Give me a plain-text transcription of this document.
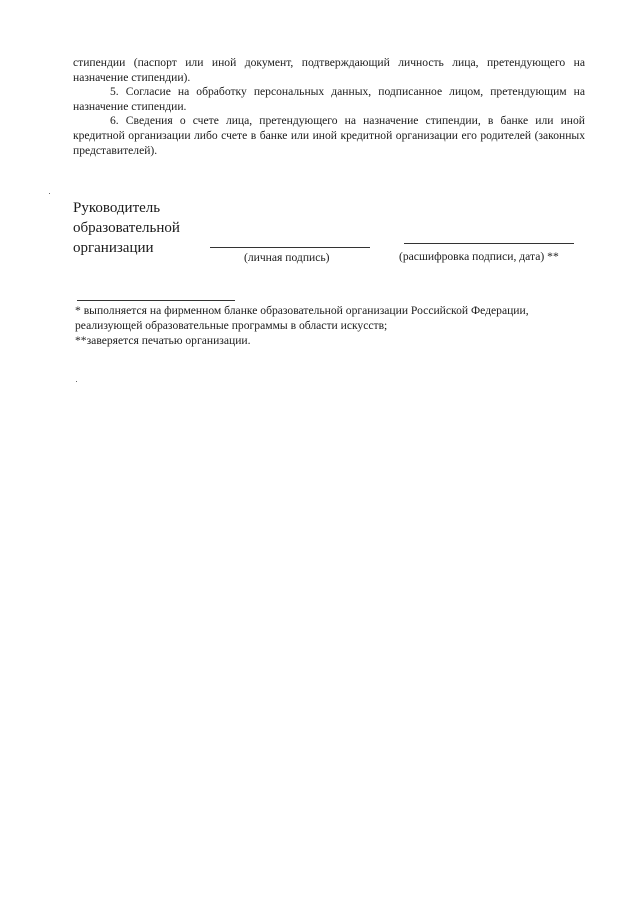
стипендии (паспорт или иной документ, подтверждающий личность лица, претендующего на назначение стипендии).

5. Согласие на обработку персональных данных, подписанное лицом, претендующим на назначение стипендии.

6. Сведения о счете лица, претендующего на назначение стипендии, в банке или иной кредитной организации либо счете в банке или иной кредитной организации его родителей (законных представителей).

Руководитель

образовательной

организации

(личная подпись)	(расшифровка подписи, дата) **

* выполняется на фирменном бланке образовательной организации Российской Федерации, реализующей образовательные программы в области искусств;

**заверяется печатью организации.
